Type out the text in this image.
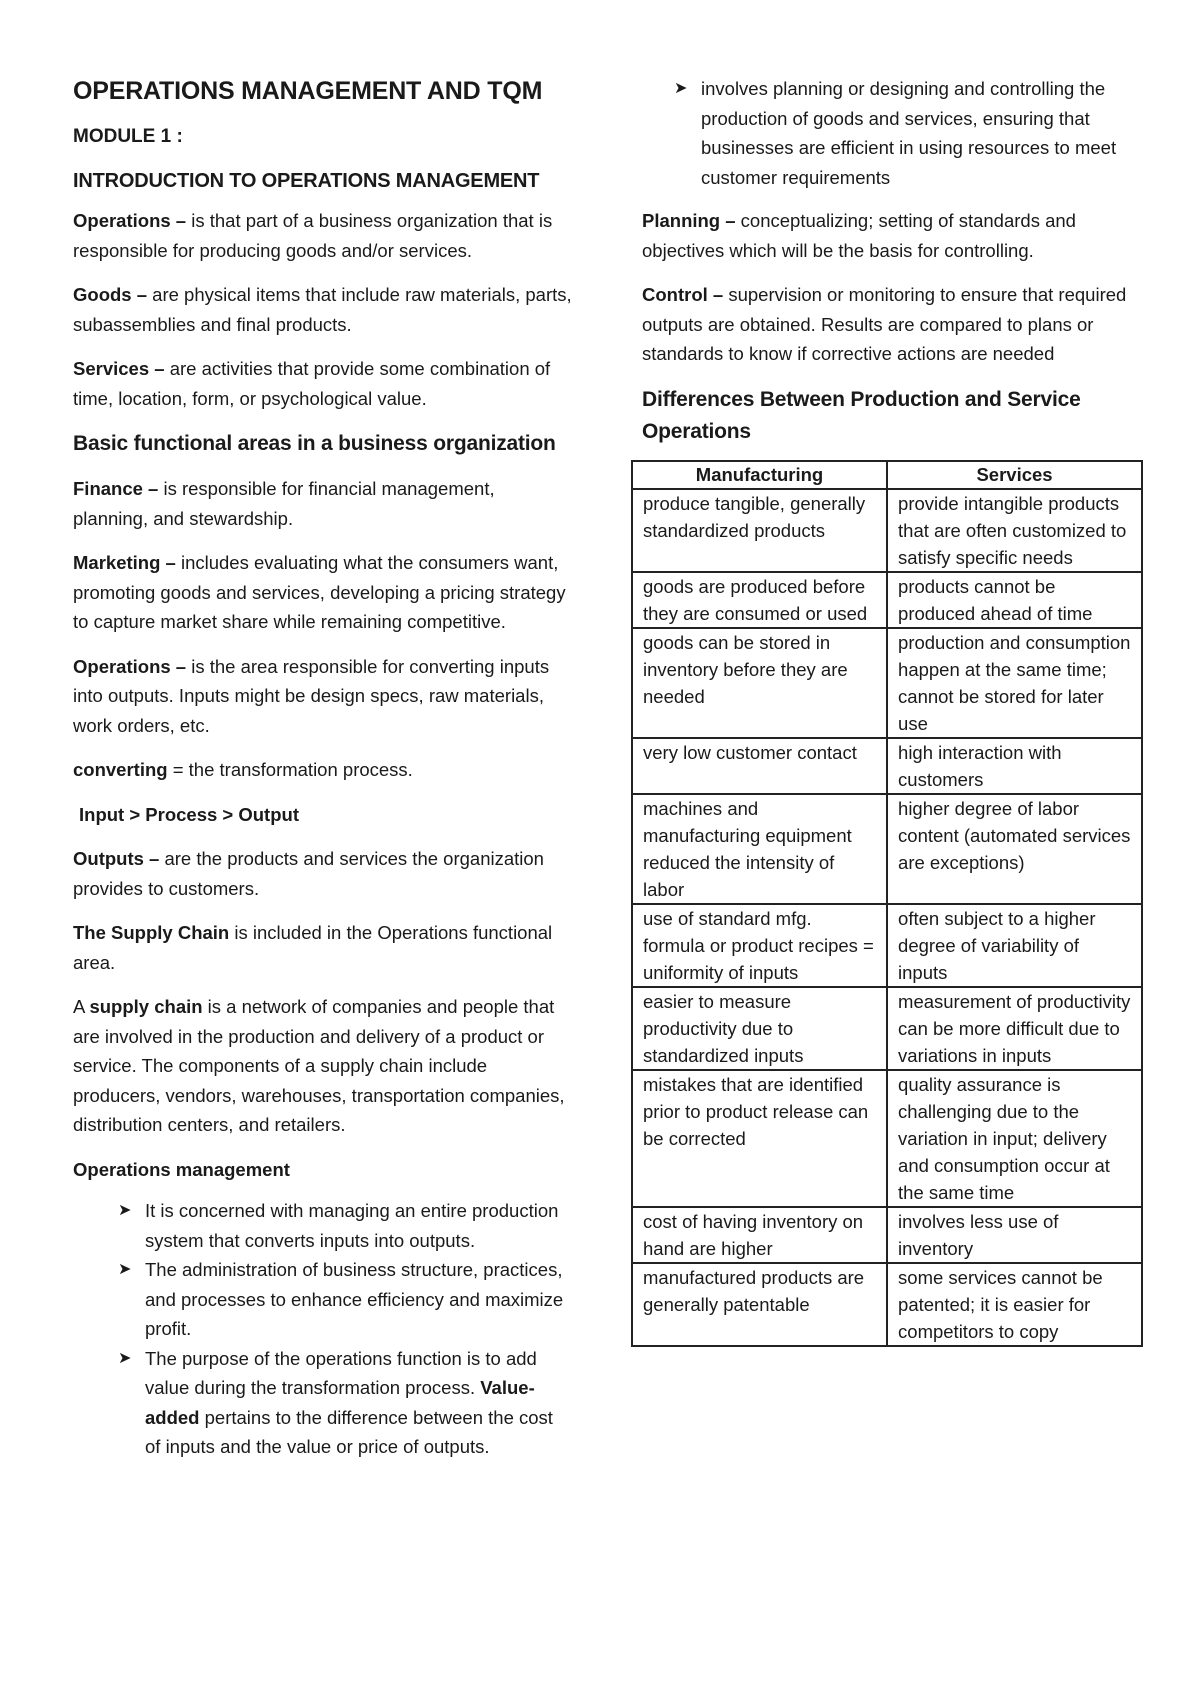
OPERATIONS MANAGEMENT AND TQM
MODULE 1 :
INTRODUCTION TO OPERATIONS MANAGEMENT

Operations – is that part of a business organization that is responsible for producing goods and/or services.

Goods – are physical items that include raw materials, parts, subassemblies and final products.

Services – are activities that provide some combination of time, location, form, or psychological value.

Basic functional areas in a business organization

Finance – is responsible for financial management, planning, and stewardship.

Marketing – includes evaluating what the consumers want, promoting goods and services, developing a pricing strategy to capture market share while remaining competitive.

Operations – is the area responsible for converting inputs into outputs. Inputs might be design specs, raw materials, work orders, etc.

converting = the transformation process.

Input > Process > Output

Outputs – are the products and services the organization provides to customers.

The Supply Chain is included in the Operations functional area.

A supply chain is a network of companies and people that are involved in the production and delivery of a product or service. The components of a supply chain include producers, vendors, warehouses, transportation companies, distribution centers, and retailers.

Operations management

➤ It is concerned with managing an entire production system that converts inputs into outputs.
➤ The administration of business structure, practices, and processes to enhance efficiency and maximize profit.
➤ The purpose of the operations function is to add value during the transformation process. Value-added pertains to the difference between the cost of inputs and the value or price of outputs.
➤ involves planning or designing and controlling the production of goods and services, ensuring that businesses are efficient in using resources to meet customer requirements

Planning – conceptualizing; setting of standards and objectives which will be the basis for controlling.

Control – supervision or monitoring to ensure that required outputs are obtained. Results are compared to plans or standards to know if corrective actions are needed

Differences Between Production and Service Operations
Manufacturing	Services
produce tangible, generally standardized products	provide intangible products that are often customized to satisfy specific needs
goods are produced before they are consumed or used	products cannot be produced ahead of time
goods can be stored in inventory before they are needed	production and consumption happen at the same time; cannot be stored for later use
very low customer contact	high interaction with customers
machines and manufacturing equipment reduced the intensity of labor	higher degree of labor content (automated services are exceptions)
use of standard mfg. formula or product recipes = uniformity of inputs	often subject to a higher degree of variability of inputs
easier to measure productivity due to standardized inputs	measurement of productivity can be more difficult due to variations in inputs
mistakes that are identified prior to product release can be corrected	quality assurance is challenging due to the variation in input; delivery and consumption occur at the same time
cost of having inventory on hand are higher	involves less use of inventory
manufactured products are generally patentable	some services cannot be patented; it is easier for competitors to copy
